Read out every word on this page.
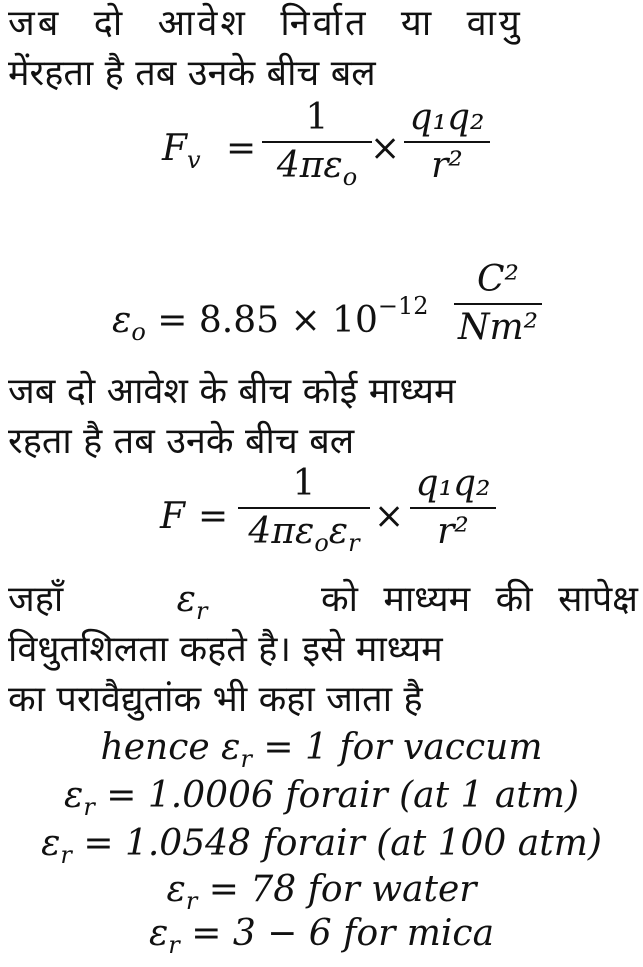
जब दो आवेश निर्वात या वायु
मेंरहता है तब उनके बीच बल
$F_v$ =
1
$4\pi\varepsilon_o$
×
q₁q₂
r²
$\varepsilon_o = 8.85 \times 10^{-12}$
C²
Nm²
जब दो आवेश के बीच कोई माध्यम
रहता है तब उनके बीच बल
F =
1
$4\pi\varepsilon_o\varepsilon_r$
×
q₁q₂
r²
जहाँ	$\varepsilon_r$	को माध्यम की सापेक्ष
विधुतशिलता कहते है। इसे माध्यम
का परावैद्युतांक भी कहा जाता है
hence $\varepsilon_r = 1$ for vaccum
$\varepsilon_r = 1.0006$ forair (at 1 atm)
$\varepsilon_r = 1.0548$ forair (at 100 atm)
$\varepsilon_r = 78$ for water
$\varepsilon_r = 3 - 6$ for mica
